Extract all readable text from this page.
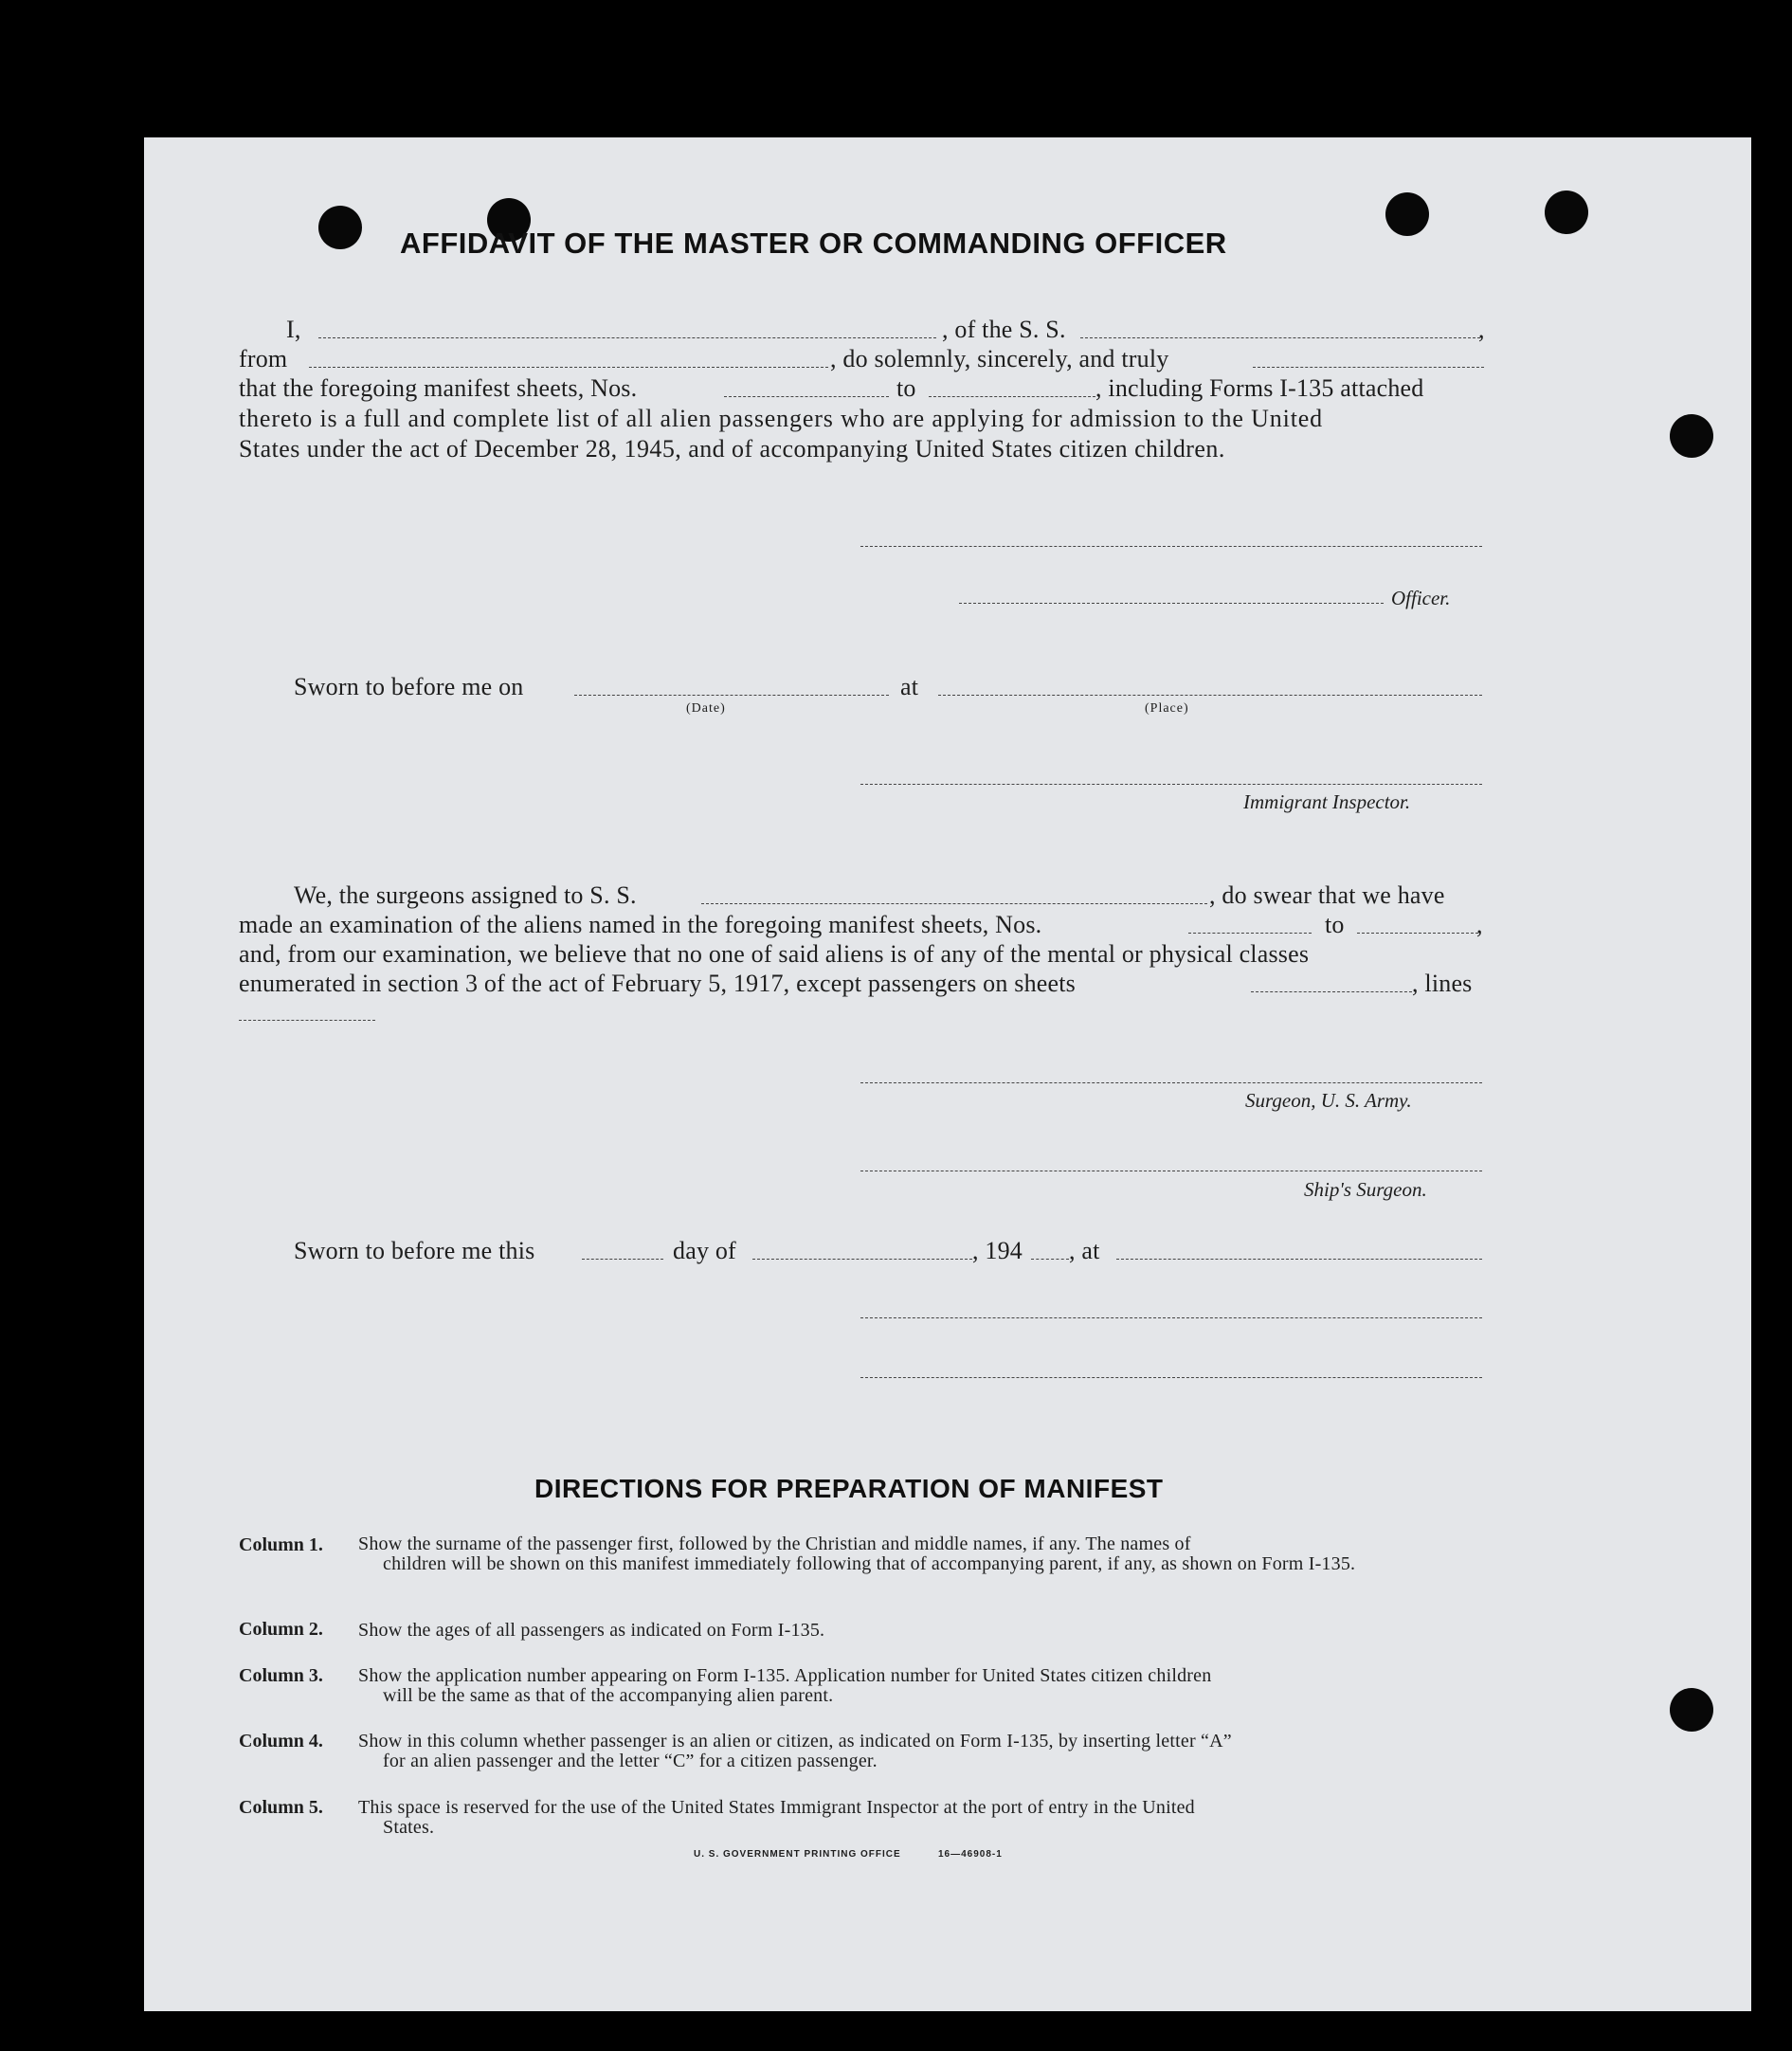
AFFIDAVIT OF THE MASTER OR COMMANDING OFFICER
I,	, of the S. S.	,
from	, do solemnly, sincerely, and truly
that the foregoing manifest sheets, Nos.	to	, including Forms I-135 attached
thereto is a full and complete list of all alien passengers who are applying for admission to the United
States under the act of December 28, 1945, and of accompanying United States citizen children.
Officer.
Sworn to before me on	at
(Date)	(Place)
Immigrant Inspector.
We, the surgeons assigned to S. S.	, do swear that we have
made an examination of the aliens named in the foregoing manifest sheets, Nos.	to	,
and, from our examination, we believe that no one of said aliens is of any of the mental or physical classes
enumerated in section 3 of the act of February 5, 1917, except passengers on sheets	, lines
Surgeon, U. S. Army.
Ship's Surgeon.
Sworn to before me this	day of	, 194 , at
DIRECTIONS FOR PREPARATION OF MANIFEST
Column 1. Show the surname of the passenger first, followed by the Christian and middle names, if any. The names of
children will be shown on this manifest immediately following that of accompanying parent, if any, as shown on Form I-135.
Column 2. Show the ages of all passengers as indicated on Form I-135.
Column 3. Show the application number appearing on Form I-135. Application number for United States citizen children
will be the same as that of the accompanying alien parent.
Column 4. Show in this column whether passenger is an alien or citizen, as indicated on Form I-135, by inserting letter “A”
for an alien passenger and the letter “C” for a citizen passenger.
Column 5. This space is reserved for the use of the United States Immigrant Inspector at the port of entry in the United
States.
U. S. GOVERNMENT PRINTING OFFICE	16—46908-1
